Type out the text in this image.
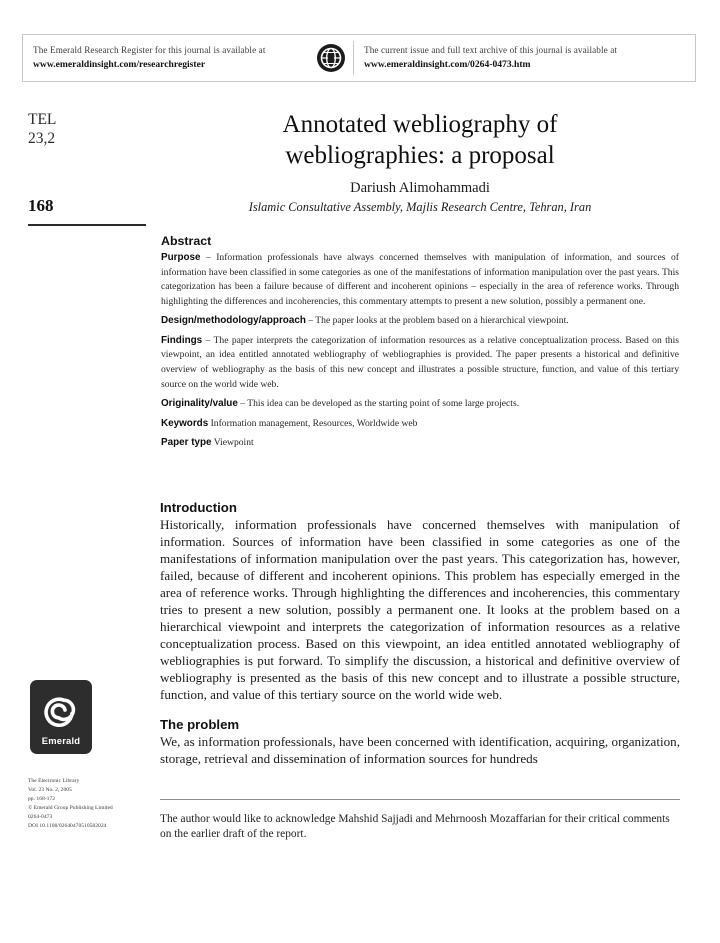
The Emerald Research Register for this journal is available at
www.emeraldinsight.com/researchregister
The current issue and full text archive of this journal is available at
www.emeraldinsight.com/0264-0473.htm
TEL
23,2
168
Annotated webliography of
webliographies: a proposal
Dariush Alimohammadi
Islamic Consultative Assembly, Majlis Research Centre, Tehran, Iran
Abstract

Purpose – Information professionals have always concerned themselves with manipulation of information, and sources of information have been classified in some categories as one of the manifestations of information manipulation over the past years. This categorization has been a failure because of different and incoherent opinions – especially in the area of reference works. Through highlighting the differences and incoherencies, this commentary attempts to present a new solution, possibly a permanent one.

Design/methodology/approach – The paper looks at the problem based on a hierarchical viewpoint.

Findings – The paper interprets the categorization of information resources as a relative conceptualization process. Based on this viewpoint, an idea entitled annotated webliography of webliographies is provided. The paper presents a historical and definitive overview of webliography as the basis of this new concept and illustrates a possible structure, function, and value of this tertiary source on the world wide web.

Originality/value – This idea can be developed as the starting point of some large projects.

Keywords Information management, Resources, Worldwide web

Paper type Viewpoint

Introduction

Historically, information professionals have concerned themselves with manipulation of information. Sources of information have been classified in some categories as one of the manifestations of information manipulation over the past years. This categorization has, however, failed, because of different and incoherent opinions. This problem has especially emerged in the area of reference works. Through highlighting the differences and incoherencies, this commentary tries to present a new solution, possibly a permanent one. It looks at the problem based on a hierarchical viewpoint and interprets the categorization of information resources as a relative conceptualization process. Based on this viewpoint, an idea entitled annotated webliography of webliographies is put forward. To simplify the discussion, a historical and definitive overview of webliography is presented as the basis of this new concept and to illustrate a possible structure, function, and value of this tertiary source on the world wide web.

The problem

We, as information professionals, have been concerned with identification, acquiring, organization, storage, retrieval and dissemination of information sources for hundreds

The author would like to acknowledge Mahshid Sajjadi and Mehrnoosh Mozaffarian for their critical comments on the earlier draft of the report.
Emerald
The Electronic Library
Vol. 23 No. 2, 2005
pp. 168-172
© Emerald Group Publishing Limited
0264-0473
DOI 10.1108/02640470510582024
